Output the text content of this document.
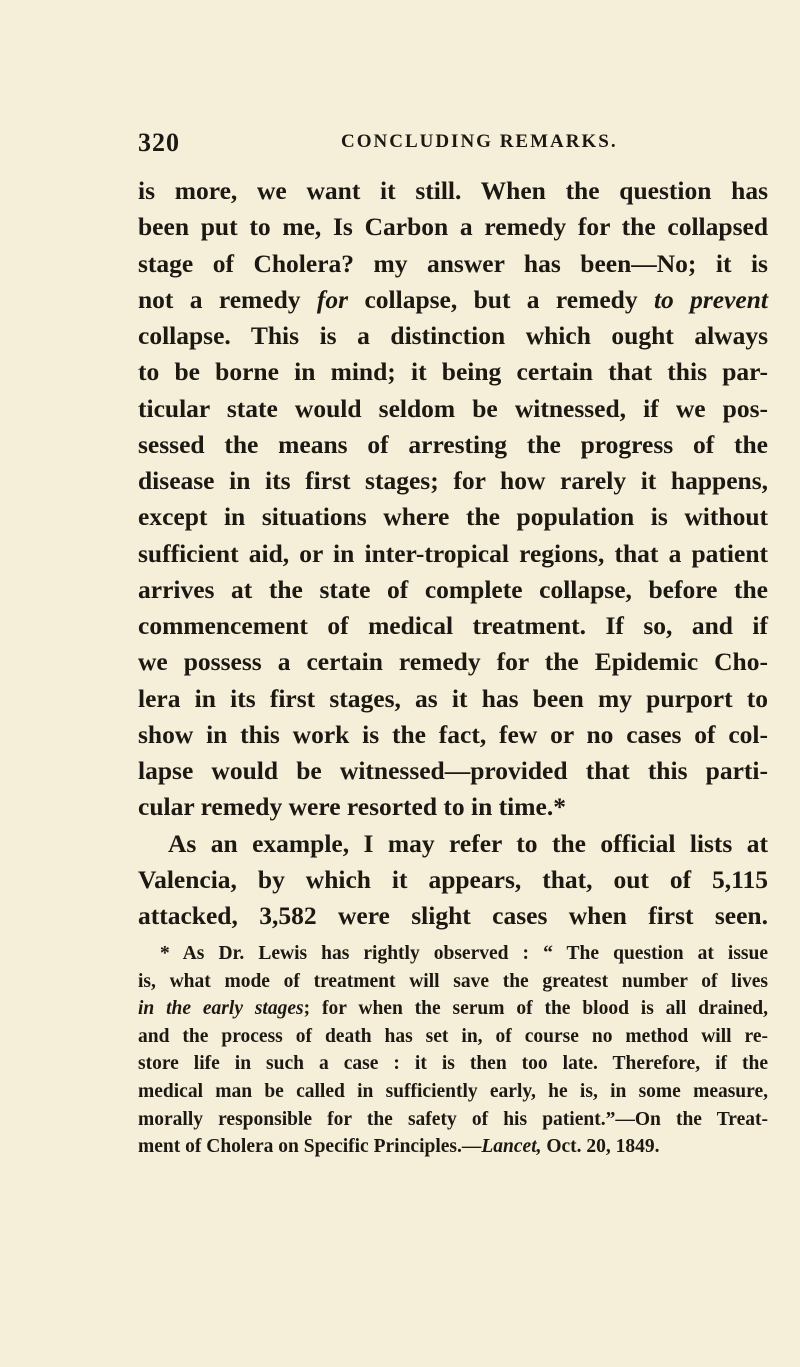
320	CONCLUDING REMARKS.
is more, we want it still. When the question has
been put to me, Is Carbon a remedy for the collapsed
stage of Cholera? my answer has been—No; it is
not a remedy for collapse, but a remedy to prevent
collapse. This is a distinction which ought always
to be borne in mind; it being certain that this par-
ticular state would seldom be witnessed, if we pos-
sessed the means of arresting the progress of the
disease in its first stages; for how rarely it happens,
except in situations where the population is without
sufficient aid, or in inter-tropical regions, that a patient
arrives at the state of complete collapse, before the
commencement of medical treatment. If so, and if
we possess a certain remedy for the Epidemic Cho-
lera in its first stages, as it has been my purport to
show in this work is the fact, few or no cases of col-
lapse would be witnessed—provided that this parti-
cular remedy were resorted to in time.*
As an example, I may refer to the official lists at
Valencia, by which it appears, that, out of 5,115
attacked, 3,582 were slight cases when first seen.
* As Dr. Lewis has rightly observed : “ The question at issue
is, what mode of treatment will save the greatest number of lives
in the early stages; for when the serum of the blood is all drained,
and the process of death has set in, of course no method will re-
store life in such a case : it is then too late. Therefore, if the
medical man be called in sufficiently early, he is, in some measure,
morally responsible for the safety of his patient.”—On the Treat-
ment of Cholera on Specific Principles.—Lancet, Oct. 20, 1849.
